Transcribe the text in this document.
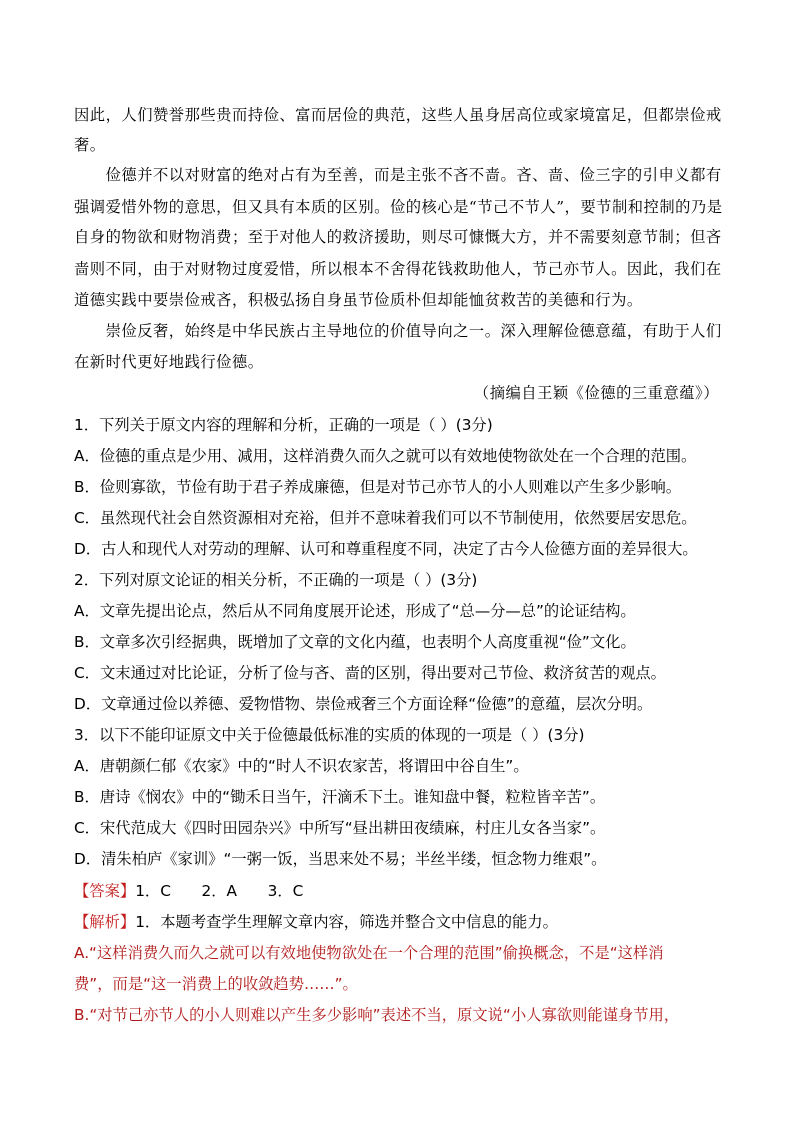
因此，人们赞誉那些贵而持俭、富而居俭的典范，这些人虽身居高位或家境富足，但都崇俭戒
奢。
　　俭德并不以对财富的绝对占有为至善，而是主张不吝不啬。吝、啬、俭三字的引申义都有
强调爱惜外物的意思，但又具有本质的区别。俭的核心是“节己不节人”，要节制和控制的乃是
自身的物欲和财物消费；至于对他人的救济援助，则尽可慷慨大方，并不需要刻意节制；但吝
啬则不同，由于对财物过度爱惜，所以根本不舍得花钱救助他人，节己亦节人。因此，我们在
道德实践中要崇俭戒吝，积极弘扬自身虽节俭质朴但却能恤贫救苦的美德和行为。
　　崇俭反奢，始终是中华民族占主导地位的价值导向之一。深入理解俭德意蕴，有助于人们
在新时代更好地践行俭德。
（摘编自王颖《俭德的三重意蕴》）
1．下列关于原文内容的理解和分析，正确的一项是（ ）(3分)
A．俭德的重点是少用、减用，这样消费久而久之就可以有效地使物欲处在一个合理的范围。
B．俭则寡欲，节俭有助于君子养成廉德，但是对节己亦节人的小人则难以产生多少影响。
C．虽然现代社会自然资源相对充裕，但并不意味着我们可以不节制使用，依然要居安思危。
D．古人和现代人对劳动的理解、认可和尊重程度不同，决定了古今人俭德方面的差异很大。
2．下列对原文论证的相关分析，不正确的一项是（ ）(3分)
A．文章先提出论点，然后从不同角度展开论述，形成了“总—分—总”的论证结构。
B．文章多次引经据典，既增加了文章的文化内蕴，也表明个人高度重视“俭”文化。
C．文末通过对比论证，分析了俭与吝、啬的区别，得出要对己节俭、救济贫苦的观点。
D．文章通过俭以养德、爱物惜物、崇俭戒奢三个方面诠释“俭德”的意蕴，层次分明。
3．以下不能印证原文中关于俭德最低标准的实质的体现的一项是（ ）(3分)
A．唐朝颜仁郁《农家》中的“时人不识农家苦，将谓田中谷自生”。
B．唐诗《悯农》中的“锄禾日当午，汗滴禾下土。谁知盘中餐，粒粒皆辛苦”。
C．宋代范成大《四时田园杂兴》中所写“昼出耕田夜绩麻，村庄儿女各当家”。
D．清朱柏庐《家训》“一粥一饭，当思来处不易；半丝半缕，恒念物力维艰”。
【答案】1．C　　2．A　　3．C
【解析】1．本题考查学生理解文章内容，筛选并整合文中信息的能力。
A.“这样消费久而久之就可以有效地使物欲处在一个合理的范围”偷换概念，不是“这样消
费”，而是“这一消费上的收敛趋势……”。
B.“对节己亦节人的小人则难以产生多少影响”表述不当，原文说“小人寡欲则能谨身节用，
